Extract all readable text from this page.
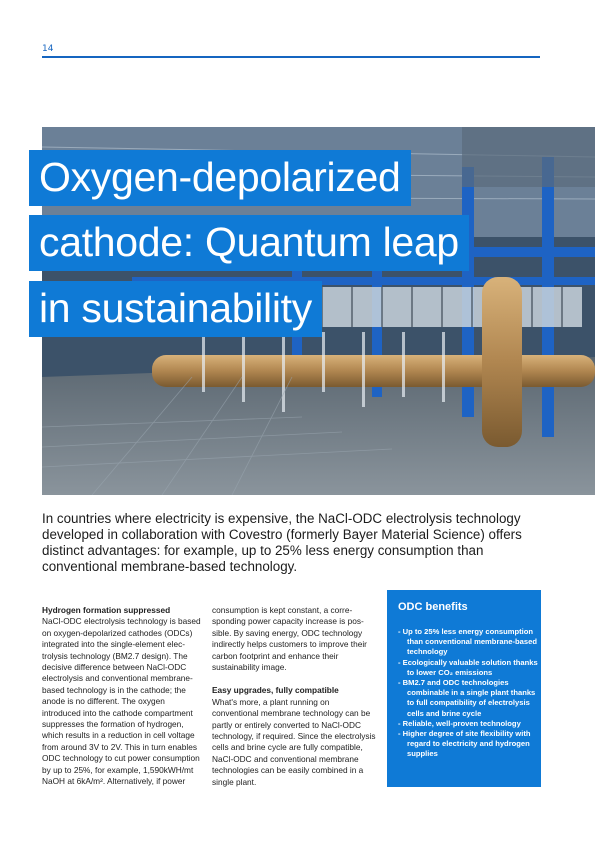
14
Oxygen-depolarized
cathode: Quantum leap
in sustainability

In countries where electricity is expensive, the NaCl-ODC electrolysis technology developed in collaboration with Covestro (formerly Bayer Material Science) offers distinct advantages: for example, up to 25% less energy consumption than conventional membrane-based technology.

Hydrogen formation suppressed

NaCl-ODC electrolysis technology is based on oxygen-depolarized cathodes (ODCs) integrated into the single-element electrolysis technology (BM2.7 design). The decisive difference between NaCl-ODC electrolysis and conventional membrane-based technology is in the cathode; the anode is no different. The oxygen introduced into the cathode compartment suppresses the formation of hydrogen, which results in a reduction in cell voltage from around 3V to 2V. This in turn enables ODC technology to cut power consumption by up to 25%, for example, 1,590kWH/mt NaOH at 6kA/m². Alternatively, if power

consumption is kept constant, a corresponding power capacity increase is possible. By saving energy, ODC technology indirectly helps customers to improve their carbon footprint and enhance their sustainability image.

Easy upgrades, fully compatible

What's more, a plant running on conventional membrane technology can be partly or entirely converted to NaCl-ODC technology, if required. Since the electrolysis cells and brine cycle are fully compatible, NaCl-ODC and conventional membrane technologies can be easily combined in a single plant.

ODC benefits
- Up to 25% less energy consumption than conventional membrane-based technology
- Ecologically valuable solution thanks to lower CO₂ emissions
- BM2.7 and ODC technologies combinable in a single plant thanks to full compatibility of electrolysis cells and brine cycle
- Reliable, well-proven technology
- Higher degree of site flexibility with regard to electricity and hydrogen supplies
